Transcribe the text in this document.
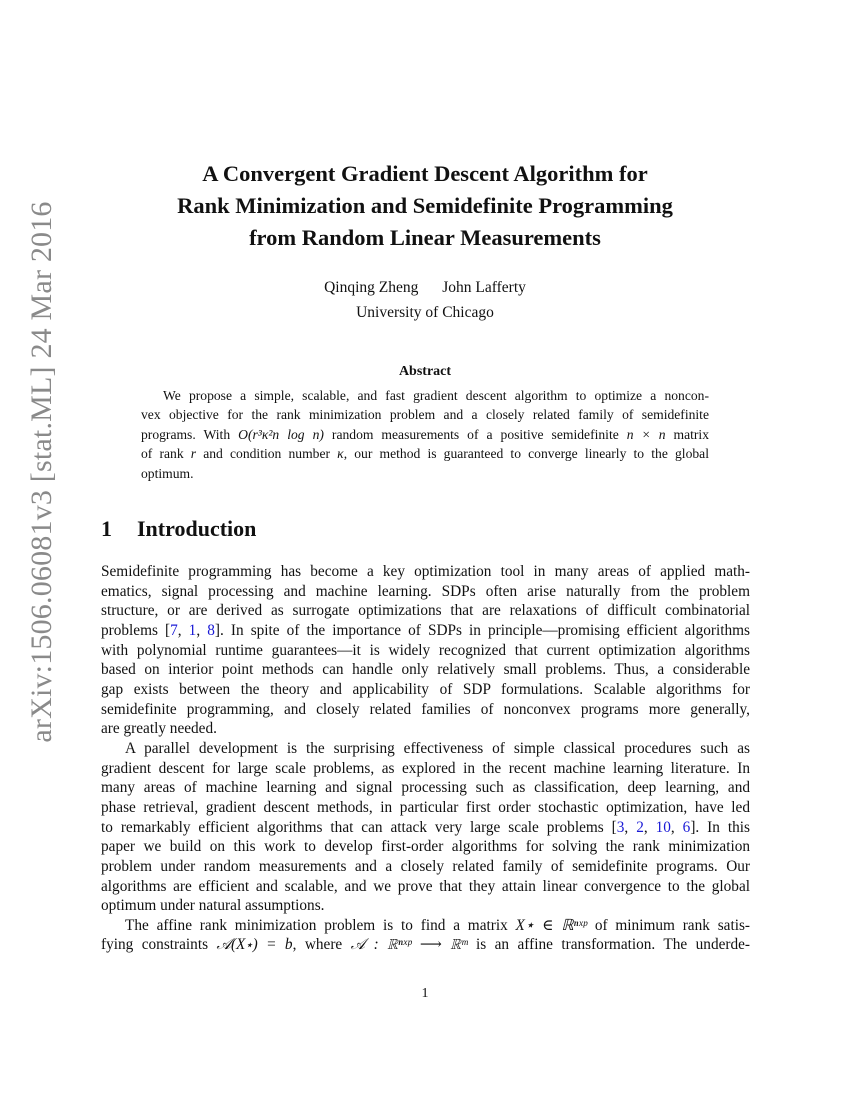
arXiv:1506.06081v3 [stat.ML] 24 Mar 2016
A Convergent Gradient Descent Algorithm for
Rank Minimization and Semidefinite Programming
from Random Linear Measurements
Qinqing Zheng John Lafferty
University of Chicago
Abstract
We propose a simple, scalable, and fast gradient descent algorithm to optimize a noncon-
vex objective for the rank minimization problem and a closely related family of semidefinite
programs. With O(r³κ²n log n) random measurements of a positive semidefinite n × n matrix
of rank r and condition number κ, our method is guaranteed to converge linearly to the global
optimum.
1 Introduction
Semidefinite programming has become a key optimization tool in many areas of applied math-
ematics, signal processing and machine learning. SDPs often arise naturally from the problem
structure, or are derived as surrogate optimizations that are relaxations of difficult combinatorial
problems [7, 1, 8]. In spite of the importance of SDPs in principle—promising efficient algorithms
with polynomial runtime guarantees—it is widely recognized that current optimization algorithms
based on interior point methods can handle only relatively small problems. Thus, a considerable
gap exists between the theory and applicability of SDP formulations. Scalable algorithms for
semidefinite programming, and closely related families of nonconvex programs more generally,
are greatly needed.
A parallel development is the surprising effectiveness of simple classical procedures such as
gradient descent for large scale problems, as explored in the recent machine learning literature. In
many areas of machine learning and signal processing such as classification, deep learning, and
phase retrieval, gradient descent methods, in particular first order stochastic optimization, have led
to remarkably efficient algorithms that can attack very large scale problems [3, 2, 10, 6]. In this
paper we build on this work to develop first-order algorithms for solving the rank minimization
problem under random measurements and a closely related family of semidefinite programs. Our
algorithms are efficient and scalable, and we prove that they attain linear convergence to the global
optimum under natural assumptions.
The affine rank minimization problem is to find a matrix X⋆ ∈ ℝⁿˣᵖ of minimum rank satis-
fying constraints 𝒜(X⋆) = b, where 𝒜 : ℝⁿˣᵖ ⟶ ℝᵐ is an affine transformation. The underde-
1
